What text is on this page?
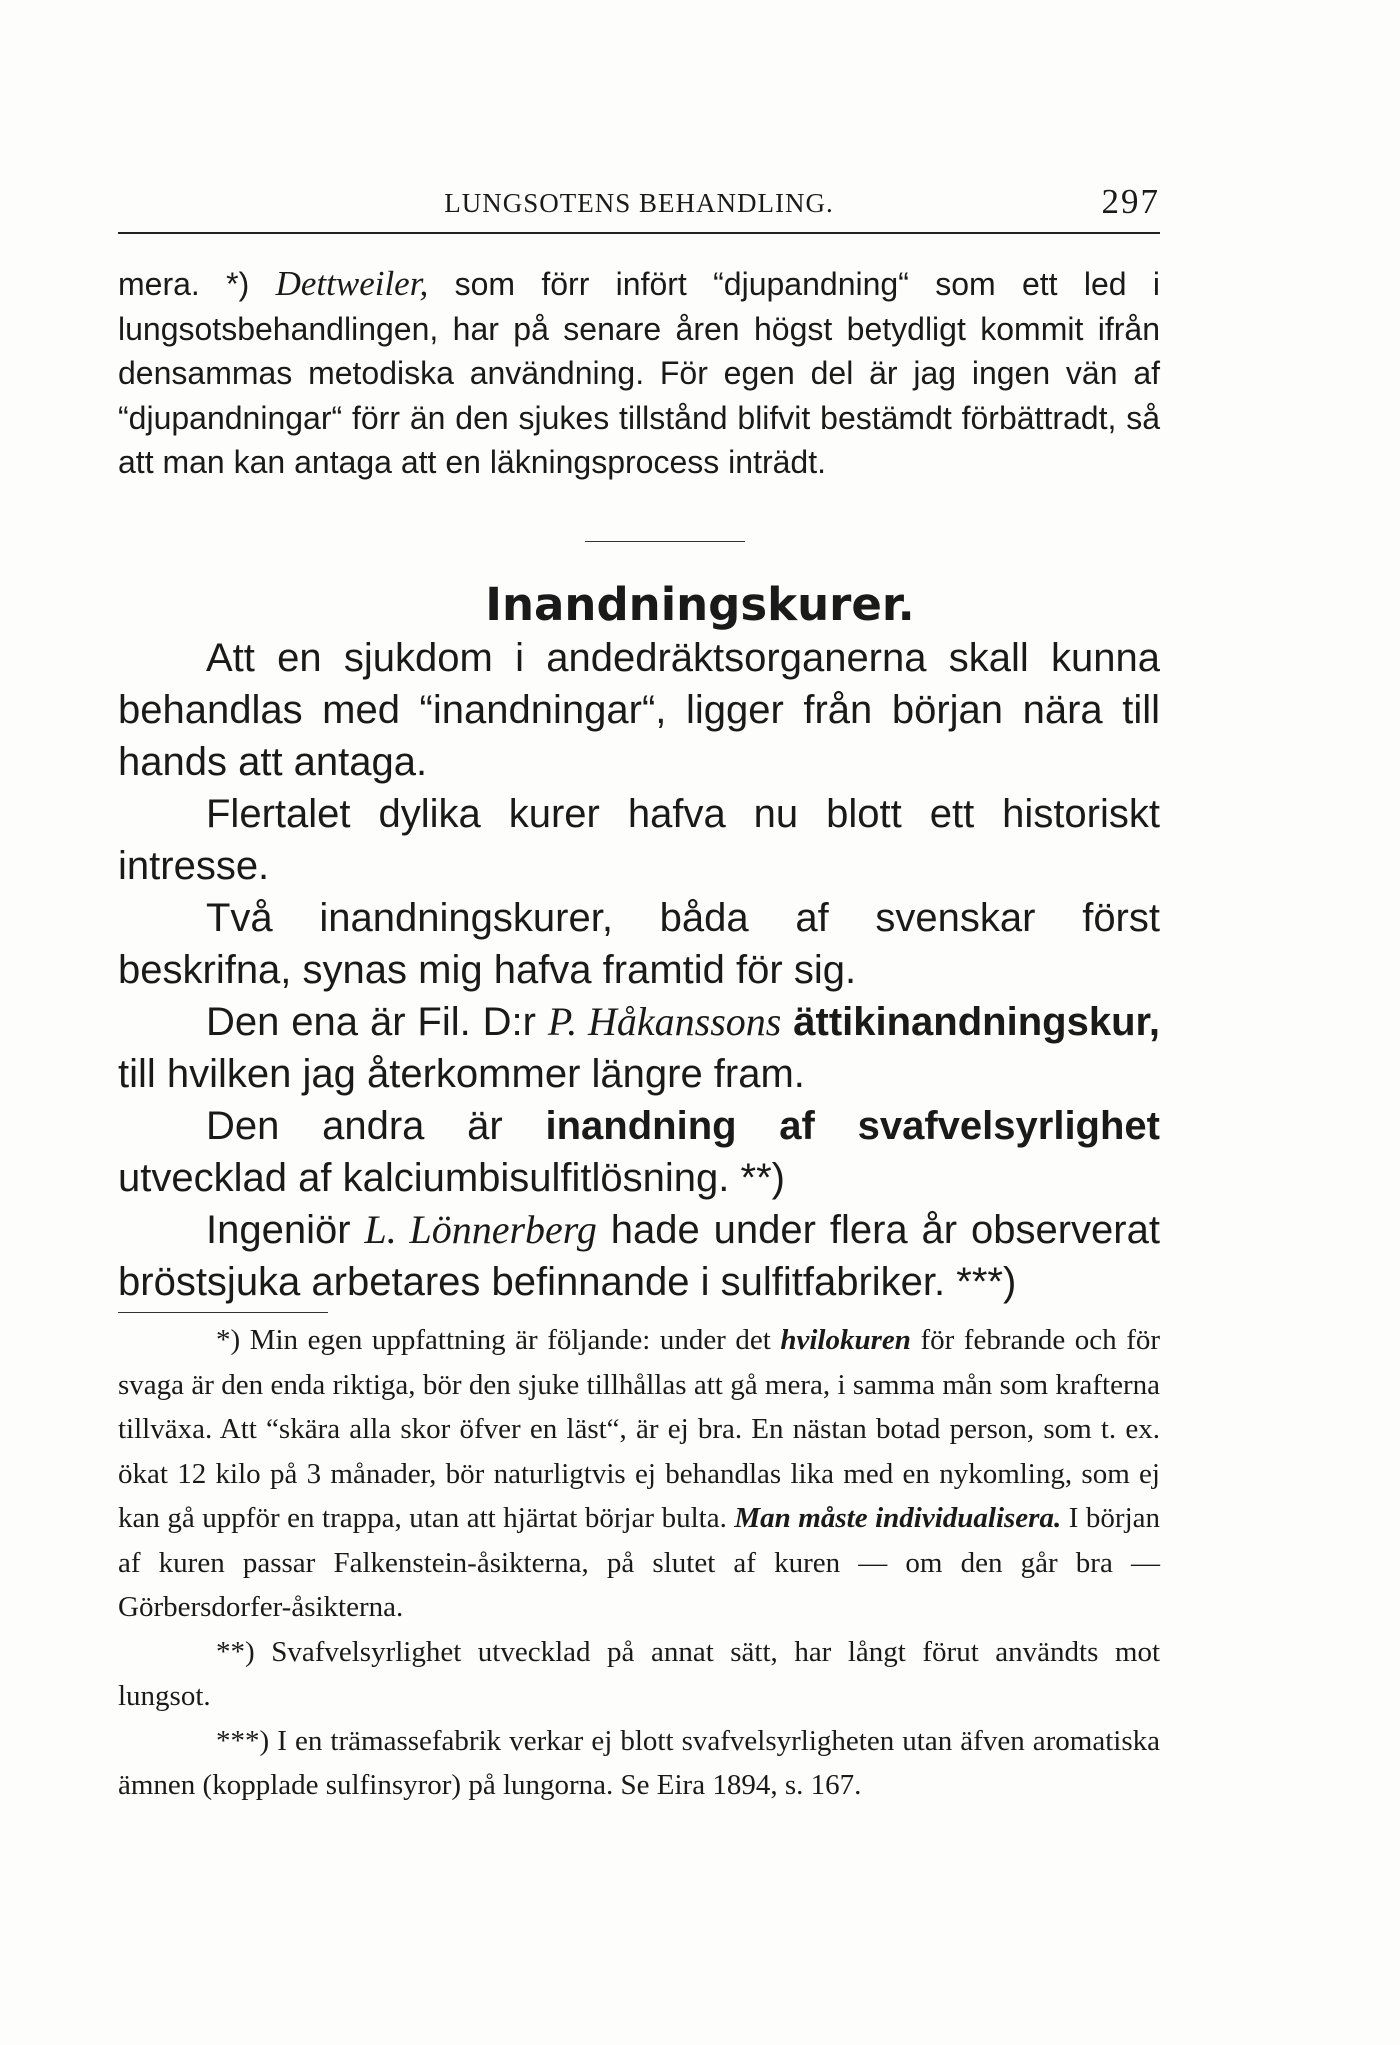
LUNGSOTENS BEHANDLING.	297

mera. *) Dettweiler, som förr infört “djupandning“ som ett led i lungsotsbehandlingen, har på senare åren högst betydligt kommit ifrån densammas metodiska användning. För egen del är jag ingen vän af “djupandningar“ förr än den sjukes tillstånd blifvit bestämdt förbättradt, så att man kan antaga att en läkningsprocess inträdt.

Inandningskurer.

Att en sjukdom i andedräktsorganerna skall kunna behandlas med “inandningar“, ligger från början nära till hands att antaga.

Flertalet dylika kurer hafva nu blott ett historiskt intresse.

Två inandningskurer, båda af svenskar först beskrifna, synas mig hafva framtid för sig.

Den ena är Fil. D:r P. Håkanssons ättikinandningskur, till hvilken jag återkommer längre fram.

Den andra är inandning af svafvelsyrlighet utvecklad af kalciumbisulfitlösning. **)

Ingeniör L. Lönnerberg hade under flera år observerat bröstsjuka arbetares befinnande i sulfitfabriker. ***)

*) Min egen uppfattning är följande: under det hvilokuren för febrande och för svaga är den enda riktiga, bör den sjuke tillhållas att gå mera, i samma mån som krafterna tillväxa. Att “skära alla skor öfver en läst“, är ej bra. En nästan botad person, som t. ex. ökat 12 kilo på 3 månader, bör naturligtvis ej behandlas lika med en nykomling, som ej kan gå uppför en trappa, utan att hjärtat börjar bulta. Man måste individualisera. I början af kuren passar Falkenstein-åsikterna, på slutet af kuren — om den går bra — Görbersdorfer-åsikterna.

**) Svafvelsyrlighet utvecklad på annat sätt, har långt förut användts mot lungsot.

***) I en trämassefabrik verkar ej blott svafvelsyrligheten utan äfven aromatiska ämnen (kopplade sulfinsyror) på lungorna. Se Eira 1894, s. 167.
